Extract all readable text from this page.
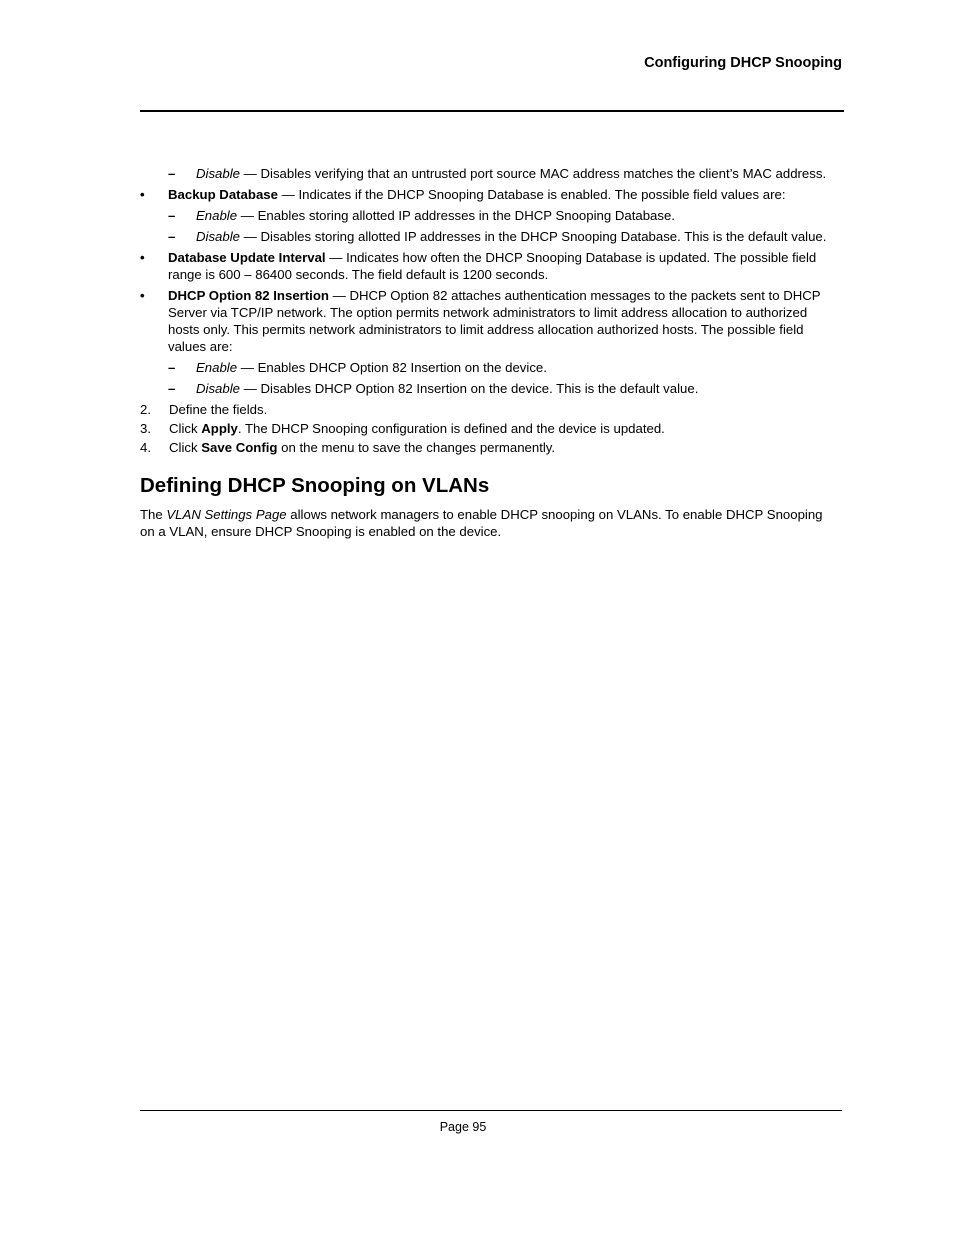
Configuring DHCP Snooping
– Disable — Disables verifying that an untrusted port source MAC address matches the client’s MAC address.
• Backup Database — Indicates if the DHCP Snooping Database is enabled. The possible field values are:
– Enable — Enables storing allotted IP addresses in the DHCP Snooping Database.
– Disable — Disables storing allotted IP addresses in the DHCP Snooping Database. This is the default value.
• Database Update Interval — Indicates how often the DHCP Snooping Database is updated. The possible field range is 600 – 86400 seconds. The field default is 1200 seconds.
• DHCP Option 82 Insertion — DHCP Option 82 attaches authentication messages to the packets sent to DHCP Server via TCP/IP network. The option permits network administrators to limit address allocation to authorized hosts only. This permits network administrators to limit address allocation authorized hosts. The possible field values are:
– Enable — Enables DHCP Option 82 Insertion on the device.
– Disable — Disables DHCP Option 82 Insertion on the device. This is the default value.
2. Define the fields.
3. Click Apply. The DHCP Snooping configuration is defined and the device is updated.
4. Click Save Config on the menu to save the changes permanently.
Defining DHCP Snooping on VLANs

The VLAN Settings Page allows network managers to enable DHCP snooping on VLANs. To enable DHCP Snooping on a VLAN, ensure DHCP Snooping is enabled on the device.

Page 95
